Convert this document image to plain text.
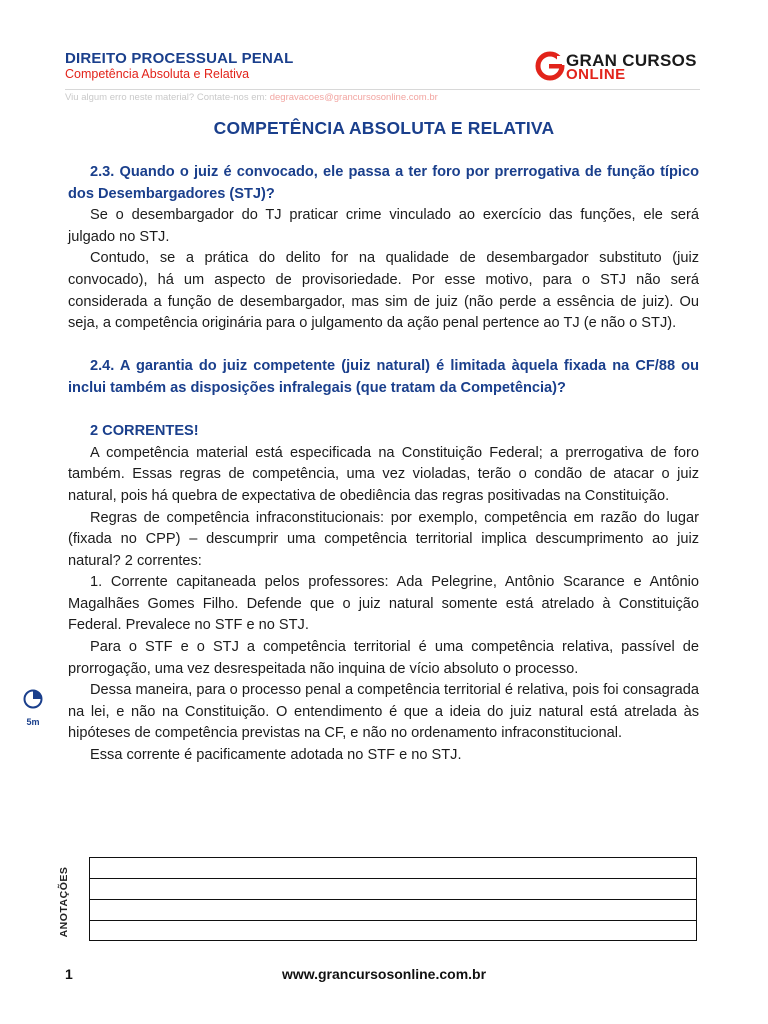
DIREITO PROCESSUAL PENAL
Competência Absoluta e Relativa
GRAN CURSOS
ONLINE
Viu algum erro neste material? Contate-nos em: degravacoes@grancursosonline.com.br
COMPETÊNCIA ABSOLUTA E RELATIVA

2.3. Quando o juiz é convocado, ele passa a ter foro por prerrogativa de função típico dos Desembargadores (STJ)?

Se o desembargador do TJ praticar crime vinculado ao exercício das funções, ele será julgado no STJ.

Contudo, se a prática do delito for na qualidade de desembargador substituto (juiz convocado), há um aspecto de provisoriedade. Por esse motivo, para o STJ não será considerada a função de desembargador, mas sim de juiz (não perde a essência de juiz). Ou seja, a competência originária para o julgamento da ação penal pertence ao TJ (e não o STJ).

2.4. A garantia do juiz competente (juiz natural) é limitada àquela fixada na CF/88 ou inclui também as disposições infralegais (que tratam da Competência)?

2 CORRENTES!

A competência material está especificada na Constituição Federal; a prerrogativa de foro também. Essas regras de competência, uma vez violadas, terão o condão de atacar o juiz natural, pois há quebra de expectativa de obediência das regras positivadas na Constituição.

Regras de competência infraconstitucionais: por exemplo, competência em razão do lugar (fixada no CPP) – descumprir uma competência territorial implica descumprimento ao juiz natural? 2 correntes:

1. Corrente capitaneada pelos professores: Ada Pelegrine, Antônio Scarance e Antônio Magalhães Gomes Filho. Defende que o juiz natural somente está atrelado à Constituição Federal. Prevalece no STF e no STJ.

Para o STF e o STJ a competência territorial é uma competência relativa, passível de prorrogação, uma vez desrespeitada não inquina de vício absoluto o processo.

Dessa maneira, para o processo penal a competência territorial é relativa, pois foi consagrada na lei, e não na Constituição. O entendimento é que a ideia do juiz natural está atrelada às hipóteses de competência previstas na CF, e não no ordenamento infraconstitucional.

Essa corrente é pacificamente adotada no STF e no STJ.

5m
ANOTAÇÕES
1	www.grancursosonline.com.br
